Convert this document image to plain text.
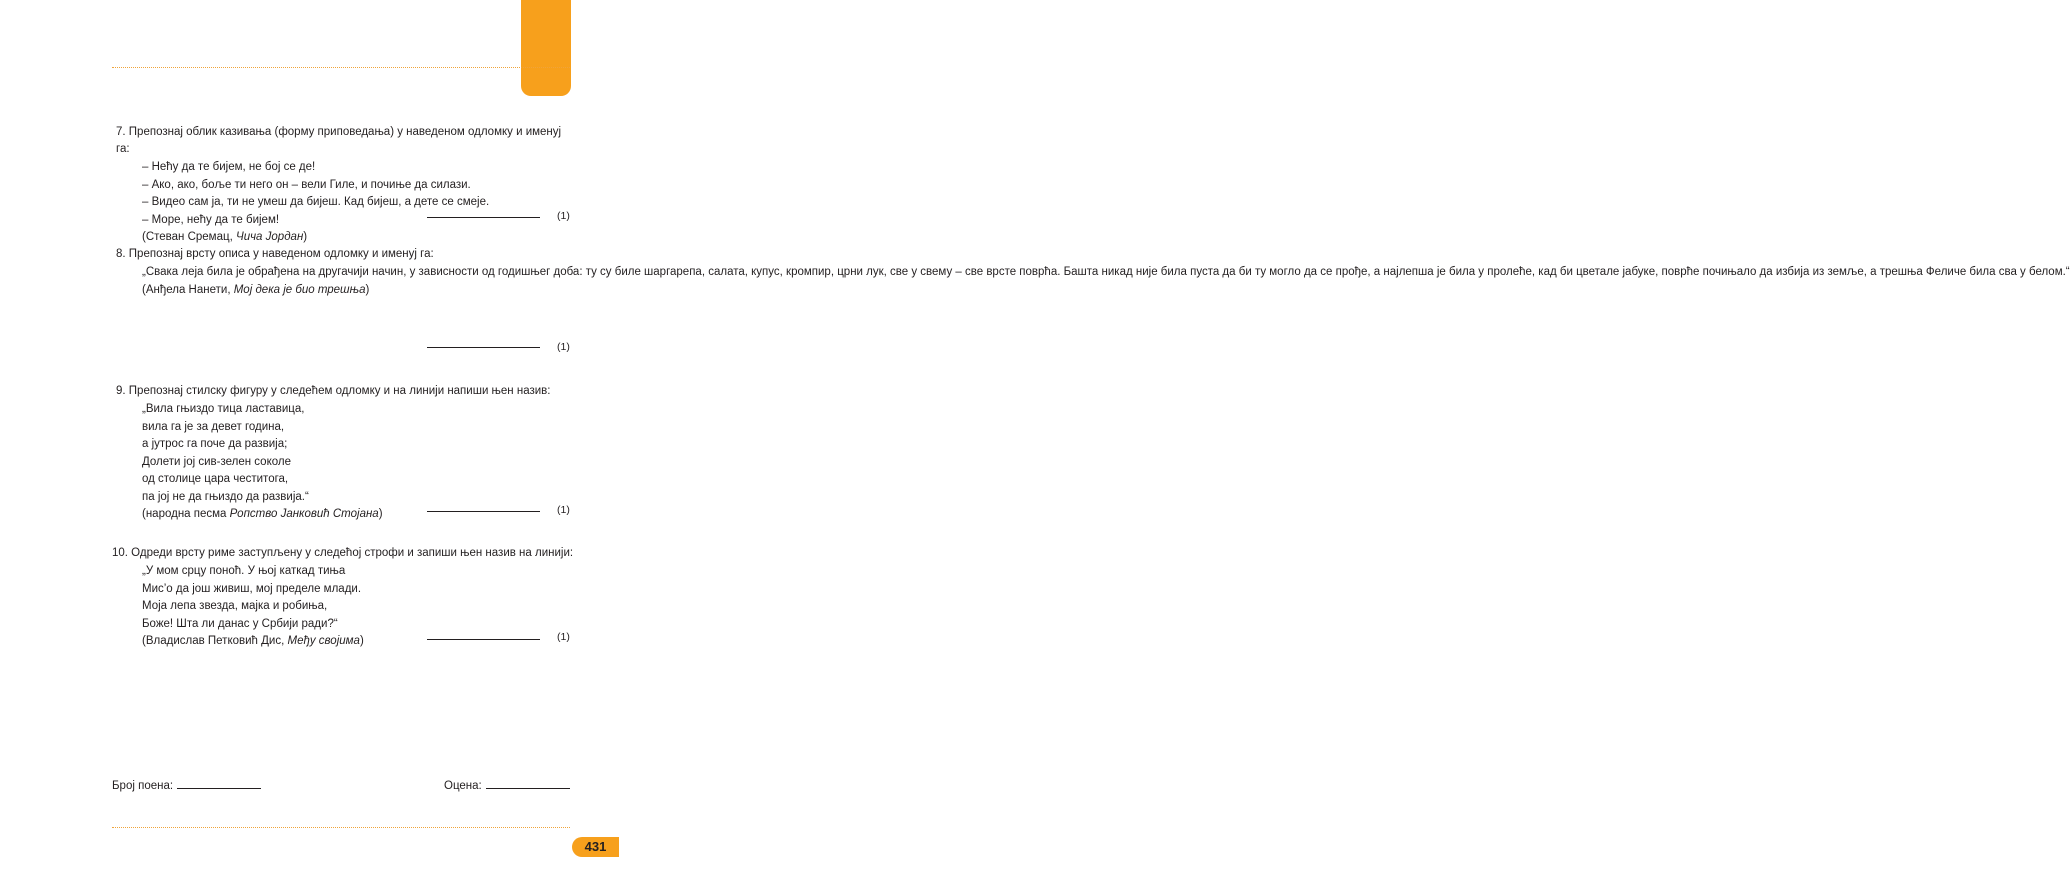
7. Препознај облик казивања (форму приповедања) у наведеном одломку и именуј га:
– Нећу да те бијем, не бој се де!
– Ако, ако, боље ти него он – вели Гиле, и почиње да силази.
– Видео сам ја, ти не умеш да бијеш. Кад бијеш, а дете се смеје.
– Море, нећу да те бијем!
(Стеван Сремац, Чича Јордан)
(1)
8. Препознај врсту описа у наведеном одломку и именуј га:
„Свака леја била је обрађена на другачији начин, у зависности од годишњег доба: ту су биле шаргарепа, салата, купус, кромпир, црни лук, све у свему – све врсте поврћа. Башта никад није била пуста да би ту могло да се прође, а најлепша је била у пролеће, кад би цветале јабуке, поврће почињало да избија из земље, а трешња Феличе била сва у белом.“
(Анђела Нанети, Мој дека је био трешња)
(1)
9. Препознај стилску фигуру у следећем одломку и на линији напиши њен назив:
„Вила гњиздо тица ластавица,
вила га је за девет година,
а јутрос га поче да развија;
Долети јој сив-зелен соколе
од столице цара честитога,
па јој не да гњиздо да развија.“
(народна песма Ропство Јанковић Стојана)	(1)
10. Одреди врсту риме заступљену у следећој строфи и запиши њен назив на линији:
„У мом срцу поноћ. У њој каткад тиња
Мис’о да још живиш, мој пределе млади.
Моја лепа звезда, мајка и робиња,
Боже! Шта ли данас у Србији ради?“
(Владислав Петковић Дис, Међу својима)	(1)
Број поена:	Оцена:
431
